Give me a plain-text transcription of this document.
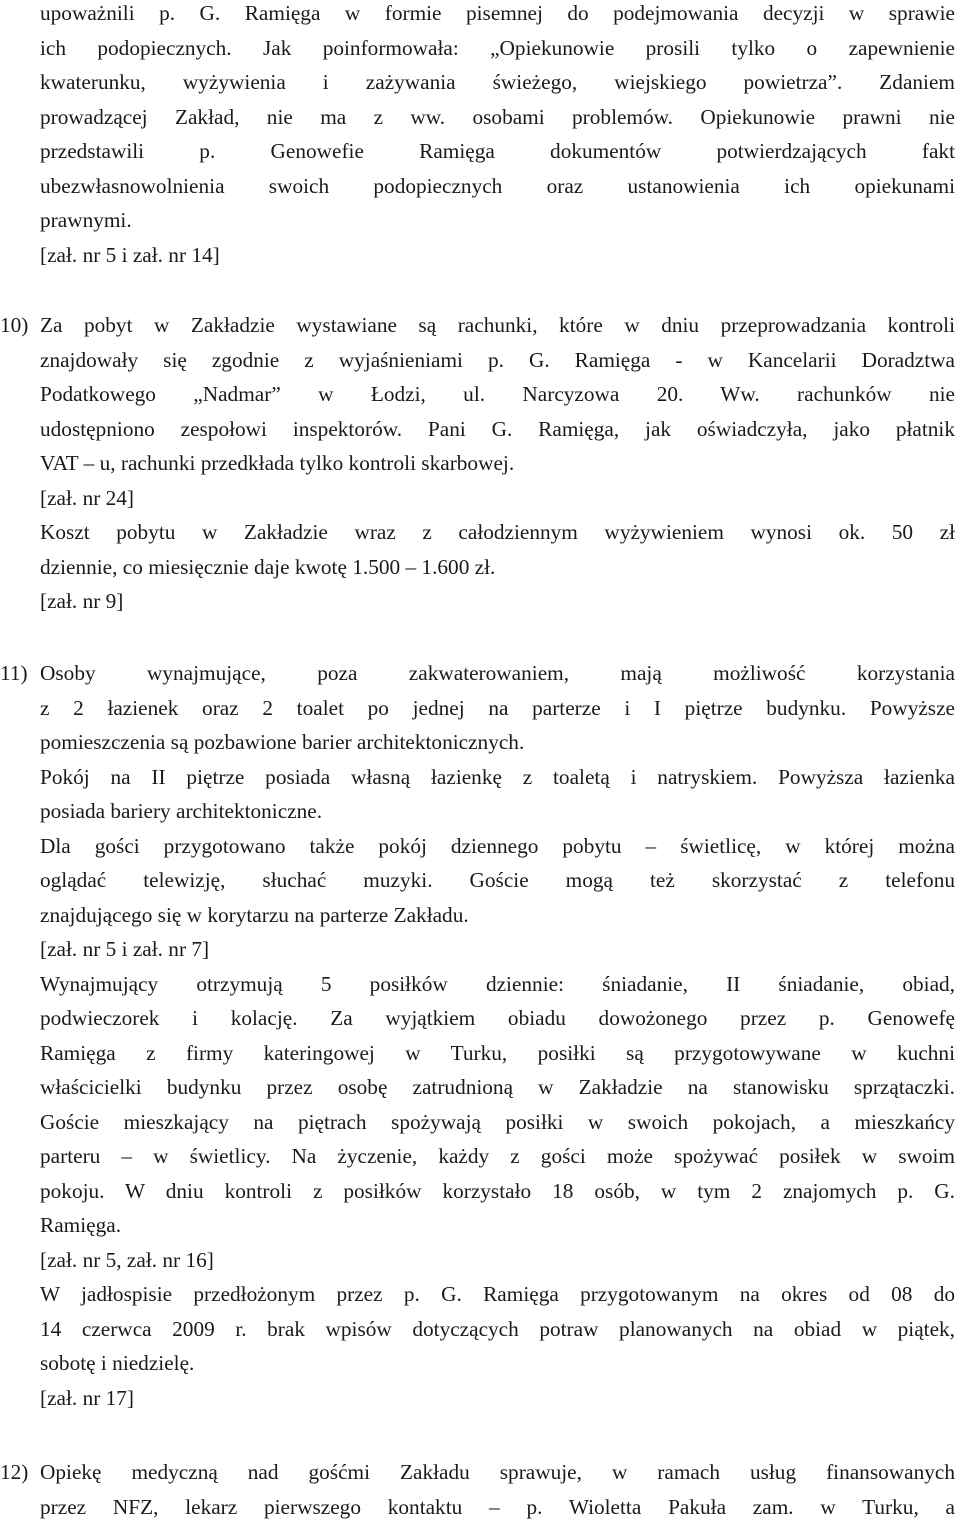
upoważnili p. G. Ramięga w formie pisemnej do podejmowania decyzji w sprawie

ich podopiecznych. Jak poinformowała: „Opiekunowie prosili tylko o zapewnienie

kwaterunku, wyżywienia i zażywania świeżego, wiejskiego powietrza”. Zdaniem

prowadzącej Zakład, nie ma z ww. osobami problemów. Opiekunowie prawni nie

przedstawili p. Genowefie Ramięga dokumentów potwierdzających fakt

ubezwłasnowolnienia swoich podopiecznych oraz ustanowienia ich opiekunami

prawnymi.

[zał. nr 5 i zał. nr 14]

10) Za pobyt w Zakładzie wystawiane są rachunki, które w dniu przeprowadzania kontroli

znajdowały się zgodnie z wyjaśnieniami p. G. Ramięga - w Kancelarii Doradztwa

Podatkowego „Nadmar” w Łodzi, ul. Narcyzowa 20. Ww. rachunków nie

udostępniono zespołowi inspektorów. Pani G. Ramięga, jak oświadczyła, jako płatnik

VAT – u, rachunki przedkłada tylko kontroli skarbowej.

[zał. nr 24]

Koszt pobytu w Zakładzie wraz z całodziennym wyżywieniem wynosi ok. 50 zł

dziennie, co miesięcznie daje kwotę 1.500 – 1.600 zł.

[zał. nr 9]

11) Osoby wynajmujące, poza zakwaterowaniem, mają możliwość korzystania

z 2 łazienek oraz 2 toalet po jednej na parterze i I piętrze budynku. Powyższe

pomieszczenia są pozbawione barier architektonicznych.

Pokój na II piętrze posiada własną łazienkę z toaletą i natryskiem. Powyższa łazienka

posiada bariery architektoniczne.

Dla gości przygotowano także pokój dziennego pobytu – świetlicę, w której można

oglądać telewizję, słuchać muzyki. Goście mogą też skorzystać z telefonu

znajdującego się w korytarzu na parterze Zakładu.

[zał. nr 5 i zał. nr 7]

Wynajmujący otrzymują 5 posiłków dziennie: śniadanie, II śniadanie, obiad,

podwieczorek i kolację. Za wyjątkiem obiadu dowożonego przez p. Genowefę

Ramięga z firmy kateringowej w Turku, posiłki są przygotowywane w kuchni

właścicielki budynku przez osobę zatrudnioną w Zakładzie na stanowisku sprzątaczki.

Goście mieszkający na piętrach spożywają posiłki w swoich pokojach, a mieszkańcy

parteru – w świetlicy. Na życzenie, każdy z gości może spożywać posiłek w swoim

pokoju. W dniu kontroli z posiłków korzystało 18 osób, w tym 2 znajomych p. G.

Ramięga.

[zał. nr 5, zał. nr 16]

W jadłospisie przedłożonym przez p. G. Ramięga przygotowanym na okres od 08 do

14 czerwca 2009 r. brak wpisów dotyczących potraw planowanych na obiad w piątek,

sobotę i niedzielę.

[zał. nr 17]

12) Opiekę medyczną nad gośćmi Zakładu sprawuje, w ramach usług finansowanych

przez NFZ, lekarz pierwszego kontaktu – p. Wioletta Pakuła zam. w Turku, a
